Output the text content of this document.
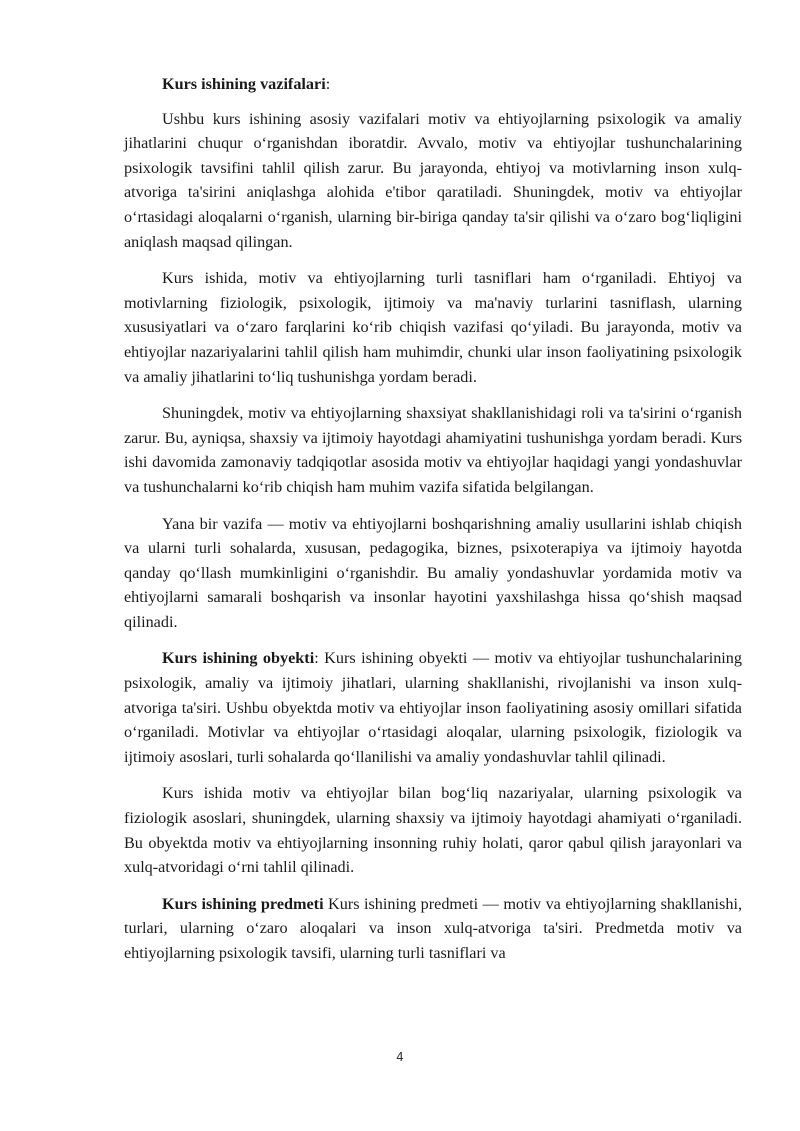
Kurs ishining vazifalari:

Ushbu kurs ishining asosiy vazifalari motiv va ehtiyojlarning psixologik va amaliy jihatlarini chuqur oʻrganishdan iboratdir. Avvalo, motiv va ehtiyojlar tushunchalarining psixologik tavsifini tahlil qilish zarur. Bu jarayonda, ehtiyoj va motivlarning inson xulq-atvoriga ta'sirini aniqlashga alohida e'tibor qaratiladi. Shuningdek, motiv va ehtiyojlar oʻrtasidagi aloqalarni oʻrganish, ularning bir-biriga qanday ta'sir qilishi va oʻzaro bogʻliqligini aniqlash maqsad qilingan.

Kurs ishida, motiv va ehtiyojlarning turli tasniflari ham oʻrganiladi. Ehtiyoj va motivlarning fiziologik, psixologik, ijtimoiy va ma'naviy turlarini tasniflash, ularning xususiyatlari va oʻzaro farqlarini koʻrib chiqish vazifasi qoʻyiladi. Bu jarayonda, motiv va ehtiyojlar nazariyalarini tahlil qilish ham muhimdir, chunki ular inson faoliyatining psixologik va amaliy jihatlarini toʻliq tushunishga yordam beradi.

Shuningdek, motiv va ehtiyojlarning shaxsiyat shakllanishidagi roli va ta'sirini oʻrganish zarur. Bu, ayniqsa, shaxsiy va ijtimoiy hayotdagi ahamiyatini tushunishga yordam beradi. Kurs ishi davomida zamonaviy tadqiqotlar asosida motiv va ehtiyojlar haqidagi yangi yondashuvlar va tushunchalarni koʻrib chiqish ham muhim vazifa sifatida belgilangan.

Yana bir vazifa — motiv va ehtiyojlarni boshqarishning amaliy usullarini ishlab chiqish va ularni turli sohalarda, xususan, pedagogika, biznes, psixoterapiya va ijtimoiy hayotda qanday qoʻllash mumkinligini oʻrganishdir. Bu amaliy yondashuvlar yordamida motiv va ehtiyojlarni samarali boshqarish va insonlar hayotini yaxshilashga hissa qoʻshish maqsad qilinadi.

Kurs ishining obyekti: Kurs ishining obyekti — motiv va ehtiyojlar tushunchalarining psixologik, amaliy va ijtimoiy jihatlari, ularning shakllanishi, rivojlanishi va inson xulq-atvoriga ta'siri. Ushbu obyektda motiv va ehtiyojlar inson faoliyatining asosiy omillari sifatida oʻrganiladi. Motivlar va ehtiyojlar oʻrtasidagi aloqalar, ularning psixologik, fiziologik va ijtimoiy asoslari, turli sohalarda qoʻllanilishi va amaliy yondashuvlar tahlil qilinadi.

Kurs ishida motiv va ehtiyojlar bilan bogʻliq nazariyalar, ularning psixologik va fiziologik asoslari, shuningdek, ularning shaxsiy va ijtimoiy hayotdagi ahamiyati oʻrganiladi. Bu obyektda motiv va ehtiyojlarning insonning ruhiy holati, qaror qabul qilish jarayonlari va xulq-atvoridagi oʻrni tahlil qilinadi.

Kurs ishining predmeti Kurs ishining predmeti — motiv va ehtiyojlarning shakllanishi, turlari, ularning oʻzaro aloqalari va inson xulq-atvoriga ta'siri. Predmetda motiv va ehtiyojlarning psixologik tavsifi, ularning turli tasniflari va

4
